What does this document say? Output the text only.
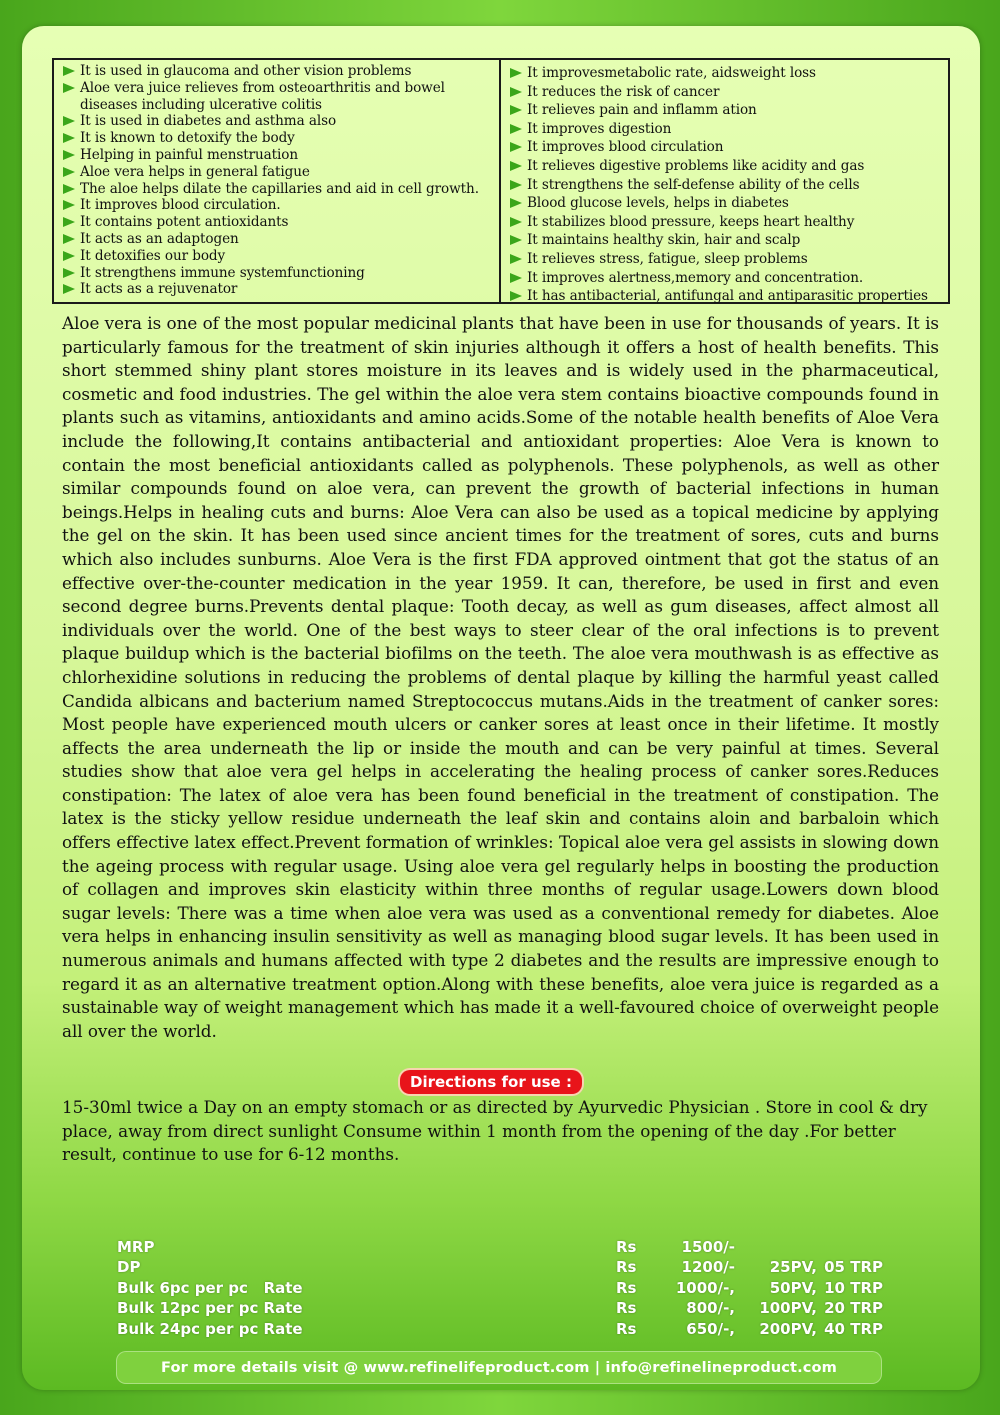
It is used in glaucoma and other vision problems
Aloe vera juice relieves from osteoarthritis and bowel diseases including ulcerative colitis
It is used in diabetes and asthma also
It is known to detoxify the body
Helping in painful menstruation
Aloe vera helps in general fatigue
The aloe helps dilate the capillaries and aid in cell growth.
It improves blood circulation.
It contains potent antioxidants
It acts as an adaptogen
It detoxifies our body
It strengthens immune systemfunctioning
It acts as a rejuvenator
It improvesmetabolic rate, aidsweight loss
It reduces the risk of cancer
It relieves pain and inflamm ation
It improves digestion
It improves blood circulation
It relieves digestive problems like acidity and gas
It strengthens the self-defense ability of the cells
Blood glucose levels, helps in diabetes
It stabilizes blood pressure, keeps heart healthy
It maintains healthy skin, hair and scalp
It relieves stress, fatigue, sleep problems
It improves alertness,memory and concentration.
It has antibacterial, antifungal and antiparasitic properties

Aloe vera is one of the most popular medicinal plants that have been in use for thousands of years. It is particularly famous for the treatment of skin injuries although it offers a host of health benefits. This short stemmed shiny plant stores moisture in its leaves and is widely used in the pharmaceutical, cosmetic and food industries. The gel within the aloe vera stem contains bioactive compounds found in plants such as vitamins, antioxidants and amino acids.Some of the notable health benefits of Aloe Vera include the following,It contains antibacterial and antioxidant properties: Aloe Vera is known to contain the most beneficial antioxidants called as polyphenols. These polyphenols, as well as other similar compounds found on aloe vera, can prevent the growth of bacterial infections in human beings.Helps in healing cuts and burns: Aloe Vera can also be used as a topical medicine by applying the gel on the skin. It has been used since ancient times for the treatment of sores, cuts and burns which also includes sunburns. Aloe Vera is the first FDA approved ointment that got the status of an effective over-the-counter medication in the year 1959. It can, therefore, be used in first and even second degree burns.Prevents dental plaque: Tooth decay, as well as gum diseases, affect almost all individuals over the world. One of the best ways to steer clear of the oral infections is to prevent plaque buildup which is the bacterial biofilms on the teeth. The aloe vera mouthwash is as effective as chlorhexidine solutions in reducing the problems of dental plaque by killing the harmful yeast called Candida albicans and bacterium named Streptococcus mutans.Aids in the treatment of canker sores: Most people have experienced mouth ulcers or canker sores at least once in their lifetime. It mostly affects the area underneath the lip or inside the mouth and can be very painful at times. Several studies show that aloe vera gel helps in accelerating the healing process of canker sores.Reduces constipation: The latex of aloe vera has been found beneficial in the treatment of constipation. The latex is the sticky yellow residue underneath the leaf skin and contains aloin and barbaloin which offers effective latex effect.Prevent formation of wrinkles: Topical aloe vera gel assists in slowing down the ageing process with regular usage. Using aloe vera gel regularly helps in boosting the production of collagen and improves skin elasticity within three months of regular usage.Lowers down blood sugar levels: There was a time when aloe vera was used as a conventional remedy for diabetes. Aloe vera helps in enhancing insulin sensitivity as well as managing blood sugar levels. It has been used in numerous animals and humans affected with type 2 diabetes and the results are impressive enough to regard it as an alternative treatment option.Along with these benefits, aloe vera juice is regarded as a sustainable way of weight management which has made it a well-favoured choice of overweight people all over the world.

Directions for use :

15-30ml twice a Day on an empty stomach or as directed by Ayurvedic Physician . Store in cool & dry place, away from direct sunlight Consume within 1 month from the opening of the day .For better result, continue to use for 6-12 months.

MRP	Rs	1500/-
DP	Rs	1200/-	25PV, 05 TRP
Bulk 6pc per pc   Rate	Rs	1000/-,	50PV, 10 TRP
Bulk 12pc per pc Rate	Rs	800/-,	100PV, 20 TRP
Bulk 24pc per pc Rate	Rs	650/-,	200PV, 40 TRP
For more details visit @ www.refinelifeproduct.com | info@refinelineproduct.com
